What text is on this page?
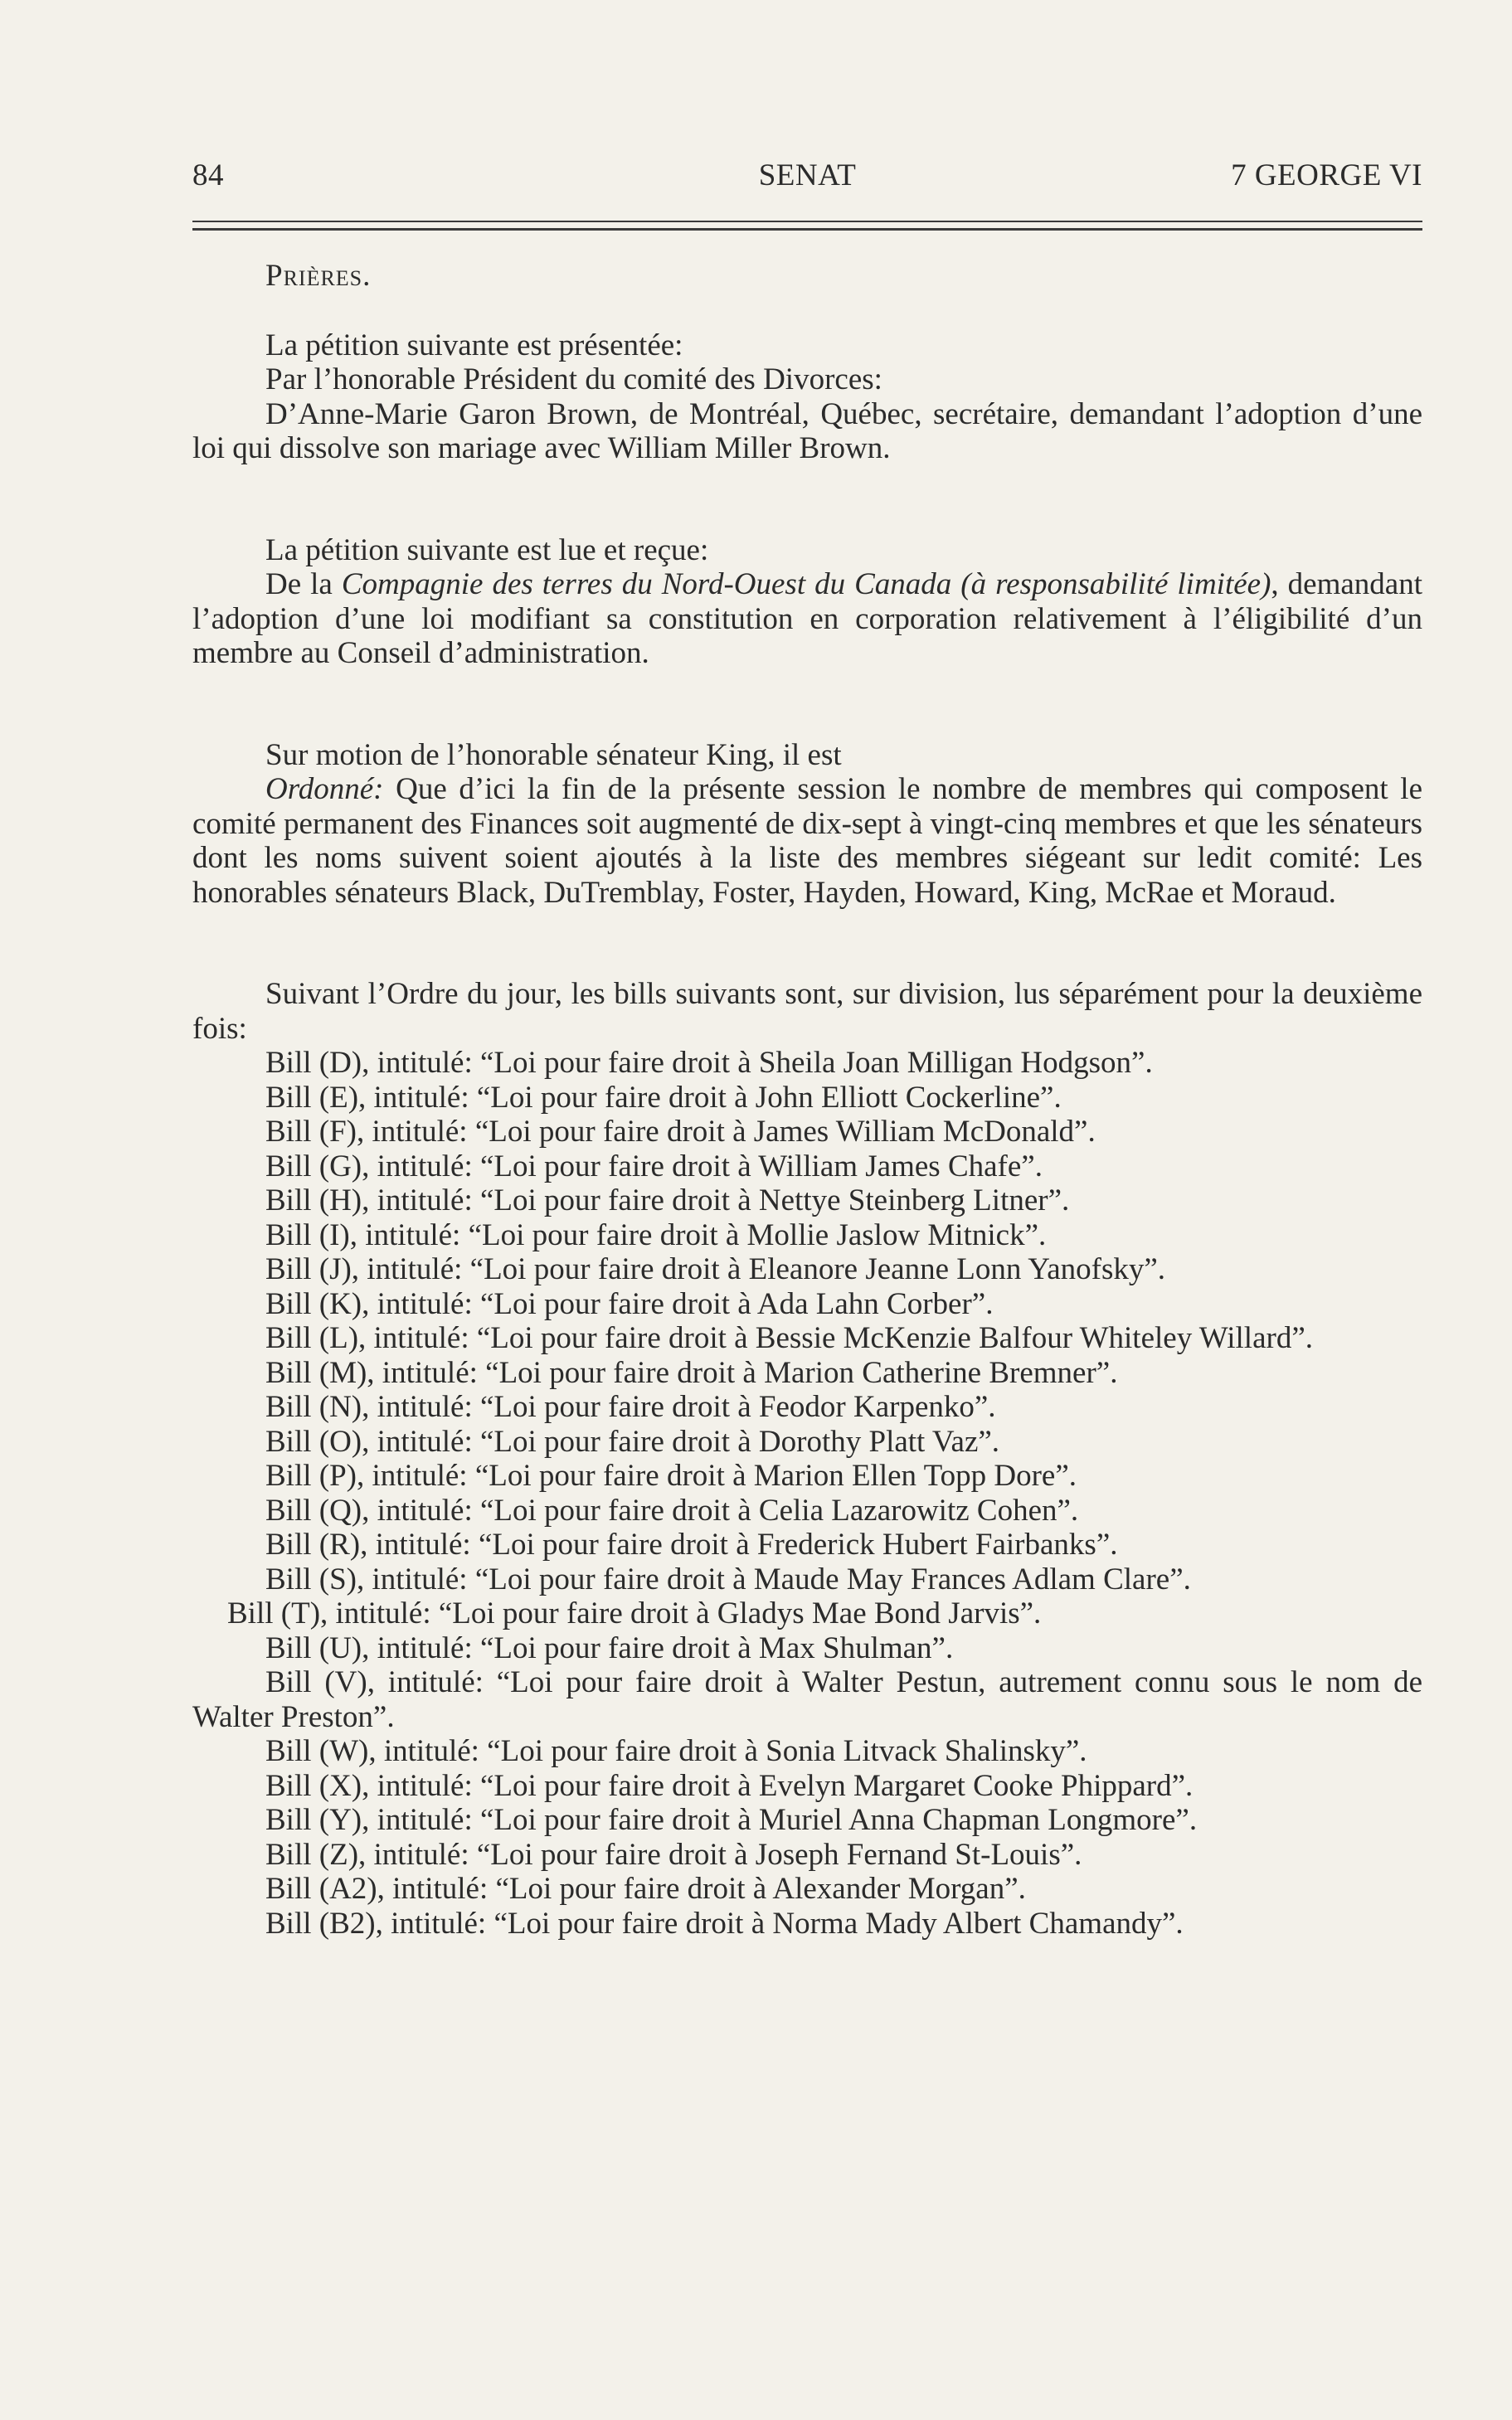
84	SENAT	7 GEORGE VI

Prières.

La pétition suivante est présentée:

Par l’honorable Président du comité des Divorces:

D’Anne-Marie Garon Brown, de Montréal, Québec, secrétaire, demandant l’adoption d’une loi qui dissolve son mariage avec William Miller Brown.

La pétition suivante est lue et reçue:

De la Compagnie des terres du Nord-Ouest du Canada (à responsabilité limitée), demandant l’adoption d’une loi modifiant sa constitution en corporation relativement à l’éligibilité d’un membre au Conseil d’administration.

Sur motion de l’honorable sénateur King, il est

Ordonné: Que d’ici la fin de la présente session le nombre de membres qui composent le comité permanent des Finances soit augmenté de dix-sept à vingt-cinq membres et que les sénateurs dont les noms suivent soient ajoutés à la liste des membres siégeant sur ledit comité: Les honorables sénateurs Black, DuTremblay, Foster, Hayden, Howard, King, McRae et Moraud.

Suivant l’Ordre du jour, les bills suivants sont, sur division, lus séparément pour la deuxième fois:

Bill (D), intitulé: “Loi pour faire droit à Sheila Joan Milligan Hodgson”.

Bill (E), intitulé: “Loi pour faire droit à John Elliott Cockerline”.

Bill (F), intitulé: “Loi pour faire droit à James William McDonald”.

Bill (G), intitulé: “Loi pour faire droit à William James Chafe”.

Bill (H), intitulé: “Loi pour faire droit à Nettye Steinberg Litner”.

Bill (I), intitulé: “Loi pour faire droit à Mollie Jaslow Mitnick”.

Bill (J), intitulé: “Loi pour faire droit à Eleanore Jeanne Lonn Yanofsky”.

Bill (K), intitulé: “Loi pour faire droit à Ada Lahn Corber”.

Bill (L), intitulé: “Loi pour faire droit à Bessie McKenzie Balfour Whiteley Willard”.

Bill (M), intitulé: “Loi pour faire droit à Marion Catherine Bremner”.

Bill (N), intitulé: “Loi pour faire droit à Feodor Karpenko”.

Bill (O), intitulé: “Loi pour faire droit à Dorothy Platt Vaz”.

Bill (P), intitulé: “Loi pour faire droit à Marion Ellen Topp Dore”.

Bill (Q), intitulé: “Loi pour faire droit à Celia Lazarowitz Cohen”.

Bill (R), intitulé: “Loi pour faire droit à Frederick Hubert Fairbanks”.

Bill (S), intitulé: “Loi pour faire droit à Maude May Frances Adlam Clare”.

Bill (T), intitulé: “Loi pour faire droit à Gladys Mae Bond Jarvis”.

Bill (U), intitulé: “Loi pour faire droit à Max Shulman”.

Bill (V), intitulé: “Loi pour faire droit à Walter Pestun, autrement connu sous le nom de Walter Preston”.

Bill (W), intitulé: “Loi pour faire droit à Sonia Litvack Shalinsky”.

Bill (X), intitulé: “Loi pour faire droit à Evelyn Margaret Cooke Phippard”.

Bill (Y), intitulé: “Loi pour faire droit à Muriel Anna Chapman Longmore”.

Bill (Z), intitulé: “Loi pour faire droit à Joseph Fernand St-Louis”.

Bill (A2), intitulé: “Loi pour faire droit à Alexander Morgan”.

Bill (B2), intitulé: “Loi pour faire droit à Norma Mady Albert Chamandy”.
